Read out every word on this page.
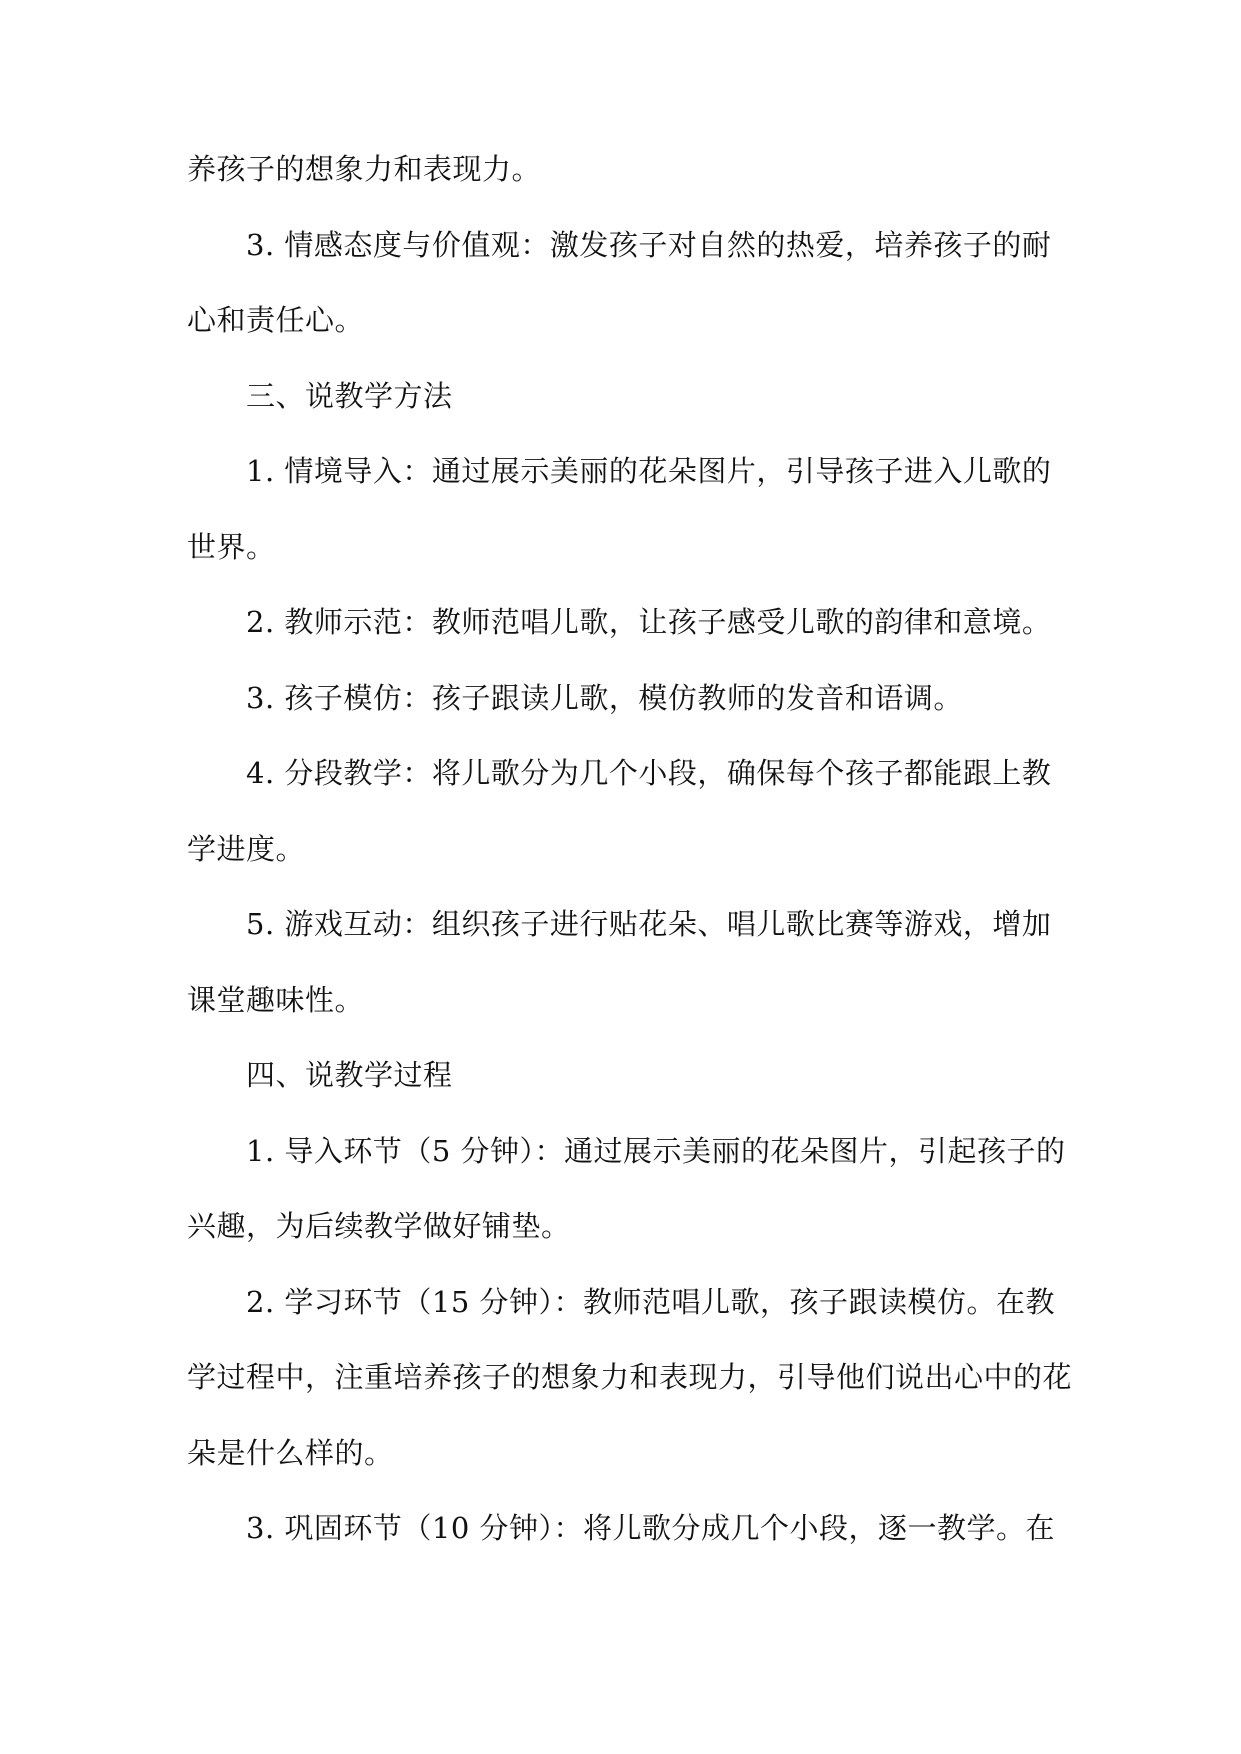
养孩子的想象力和表现力。
3. 情感态度与价值观：激发孩子对自然的热爱，培养孩子的耐
心和责任心。
三、说教学方法
1. 情境导入：通过展示美丽的花朵图片，引导孩子进入儿歌的
世界。
2. 教师示范：教师范唱儿歌，让孩子感受儿歌的韵律和意境。
3. 孩子模仿：孩子跟读儿歌，模仿教师的发音和语调。
4. 分段教学：将儿歌分为几个小段，确保每个孩子都能跟上教
学进度。
5. 游戏互动：组织孩子进行贴花朵、唱儿歌比赛等游戏，增加
课堂趣味性。
四、说教学过程
1. 导入环节（5 分钟）：通过展示美丽的花朵图片，引起孩子的
兴趣，为后续教学做好铺垫。
2. 学习环节（15 分钟）：教师范唱儿歌，孩子跟读模仿。在教
学过程中，注重培养孩子的想象力和表现力，引导他们说出心中的花
朵是什么样的。
3. 巩固环节（10 分钟）：将儿歌分成几个小段，逐一教学。在
